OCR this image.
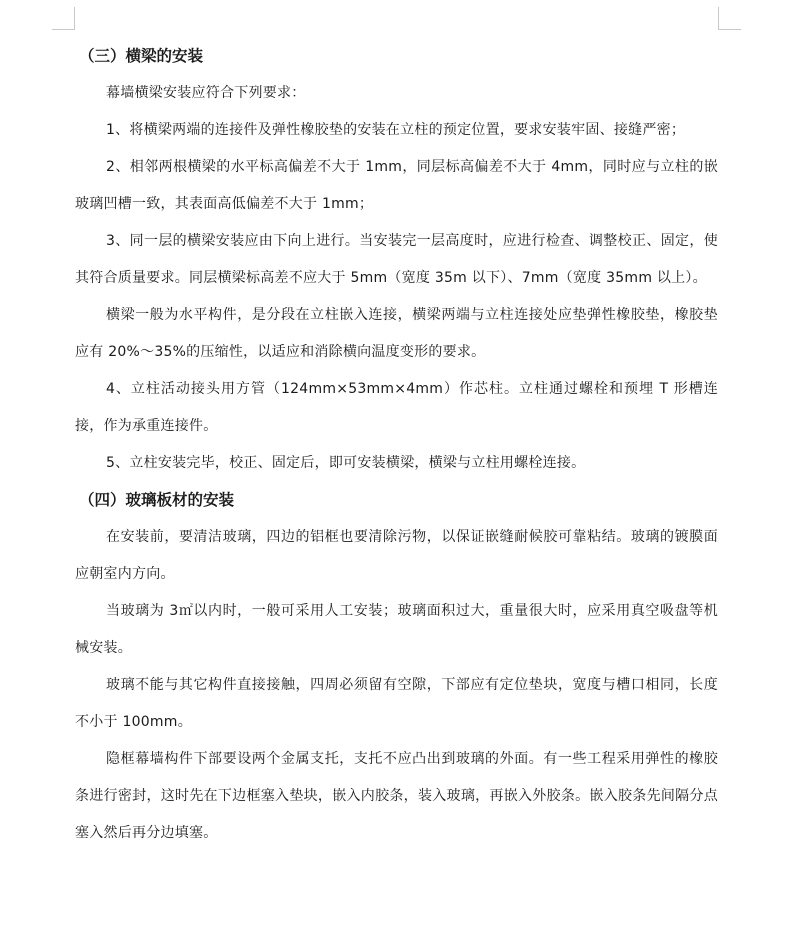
（三）横梁的安装

幕墙横梁安装应符合下列要求：

1、将横梁两端的连接件及弹性橡胶垫的安装在立柱的预定位置，要求安装牢固、接缝严密；

2、相邻两根横梁的水平标高偏差不大于 1mm，同层标高偏差不大于 4mm，同时应与立柱的嵌玻璃凹槽一致，其表面高低偏差不大于 1mm；

3、同一层的横梁安装应由下向上进行。当安装完一层高度时，应进行检查、调整校正、固定，使其符合质量要求。同层横梁标高差不应大于 5mm（宽度 35m 以下）、7mm（宽度 35mm 以上）。

横梁一般为水平构件，是分段在立柱嵌入连接，横梁两端与立柱连接处应垫弹性橡胶垫，橡胶垫应有 20%～35%的压缩性，以适应和消除横向温度变形的要求。

4、立柱活动接头用方管（124mm×53mm×4mm）作芯柱。立柱通过螺栓和预埋 T 形槽连接，作为承重连接件。

5、立柱安装完毕，校正、固定后，即可安装横梁，横梁与立柱用螺栓连接。

（四）玻璃板材的安装

在安装前，要清洁玻璃，四边的铝框也要清除污物，以保证嵌缝耐候胶可靠粘结。玻璃的镀膜面应朝室内方向。

当玻璃为 3㎡以内时，一般可采用人工安装；玻璃面积过大，重量很大时，应采用真空吸盘等机械安装。

玻璃不能与其它构件直接接触，四周必须留有空隙，下部应有定位垫块，宽度与槽口相同，长度不小于 100mm。

隐框幕墙构件下部要设两个金属支托，支托不应凸出到玻璃的外面。有一些工程采用弹性的橡胶条进行密封，这时先在下边框塞入垫块，嵌入内胶条，装入玻璃，再嵌入外胶条。嵌入胶条先间隔分点塞入然后再分边填塞。
